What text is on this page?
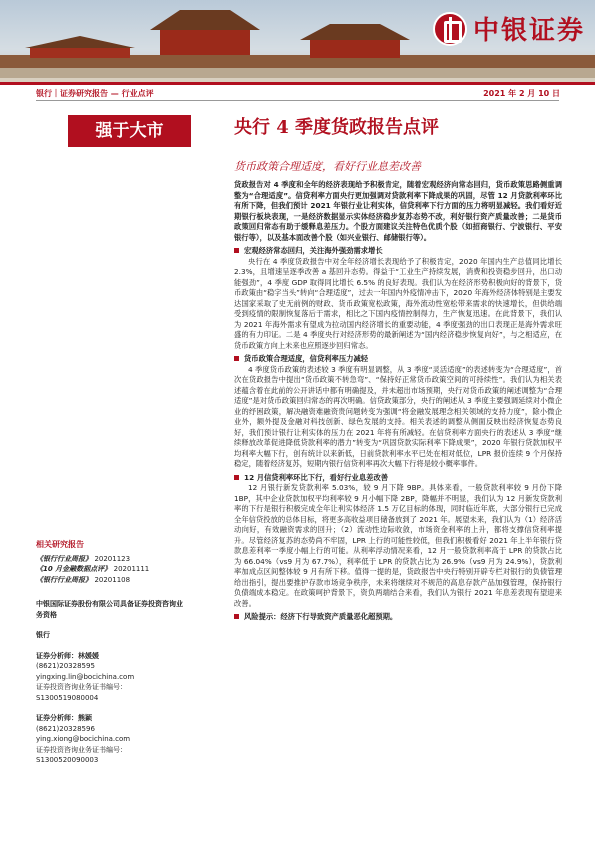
中银证券
银行｜证券研究报告 — 行业点评	2021 年 2 月 10 日
强于大市	央行 4 季度货政报告点评
货币政策合理适度，看好行业息差改善

货政报告对 4 季度和全年的经济表现给予积极肯定，随着宏观经济向常态回归，货币政策思路侧重调整为“合理适度”。信贷利率方面央行更加强调对贷款利率下降成果的巩固，尽管 12 月贷款利率环比有所下降，但我们预计 2021 年银行业让利实体，信贷利率下行方面的压力将明显减轻。我们看好近期银行板块表现，一是经济数据显示实体经济稳步复苏态势不改，利好银行资产质量改善；二是货币政策回归常态有助于缓释息差压力。个股方面建议关注特色优质个股（如招商银行、宁波银行、平安银行等），以及基本面改善个股（如兴业银行、邮储银行等）。

宏观经济常态回归，关注海外强劲需求增长

央行在 4 季度货政报告中对全年经济增长表现给予了积极肯定，2020 年国内生产总值同比增长 2.3%，且增速呈逐季改善 a 基回升态势。得益于“工业生产持续发展，消费和投资稳步回升，出口动能强劲”，4 季度 GDP 取得同比增长 6.5% 的良好表现。我们认为在经济形势积极向好的背景下，货币政策由“稳字当头”转向“合理适度”，过去一年国内外疫情冲击下，2020 年海外经济体特别是主要发达国家采取了史无前例的财政、货币政策宽松政策，海外流动性宽松带来需求的快速增长，但供给端受到疫情的限制恢复落后于需求，相比之下国内疫情控制得力，生产恢复迅速。在此背景下，我们认为 2021 年海外需求有望成为拉动国内经济增长的重要动能，4 季度强劲的出口表现正是海外需求旺盛的有力印证。二是 4 季度央行对经济形势的最新阐述为“国内经济稳步恢复向好”，与之相适应，在货币政策方向上未来也应照逐步回归常态。

货币政策合理适度，信贷利率压力减轻

4 季度货币政策的表述较 3 季度有明显调整，从 3 季度“灵活适度”的表述转变为“合理适度”，首次在货政报告中提出“货币政策不转急弯”、“保持好正常货币政策空间的可持续性”。我们认为相关表述蕴含着在此前的公开讲话中都有明确提及，并未超出市场预期，央行对货币政策的阐述调整为“合理适度”是对货币政策回归常态的再次明确。信贷政策部分，央行的阐述从 3 季度主要强调延续对小微企业的纾困政策，解决融资难融资贵问题转变为强调“将金融发展理念相关领域的支持力度”，除小微企业外，额外提及金融对科技创新、绿色发展的支持。相关表述的调整从侧面反映出经济恢复态势良好，我们预计银行让利实体的压力在 2021 年将有所减轻。在信贷利率方面央行的表述从 3 季度“继续释放改革促进降低贷款利率的潜力”转变为“巩固贷款实际利率下降成果”，2020 年银行贷款加权平均利率大幅下行，创有统计以来新低，日前贷款利率水平已处在相对低位，LPR 报价连续 9 个月保持稳定，随着经济复苏，短期内银行信贷利率再次大幅下行将是较小概率事件。

12 月信贷利率环比下行，看好行业息差改善

12 月银行新发贷款利率 5.03%，较 9 月下降 9BP。具体来看，一般贷款利率较 9 月份下降 1BP，其中企业贷款加权平均利率较 9 月小幅下降 2BP，降幅并不明显，我们认为 12 月新发贷款利率的下行是银行积极完成全年让利实体经济 1.5 万亿目标的体现，同时临近年底，大部分银行已完成全年信贷投放的总体目标，将更多高收益项目储备放到了 2021 年。展望未来，我们认为（1）经济活动向好，有效融资需求的回升；（2）流动性边际收敛，市场资金利率的上升，都将支撑信贷利率提升。尽管经济复苏的态势尚不牢固，LPR 上行的可能性较低，但我们积极看好 2021 年上半年银行贷款息差利率一季度小幅上行的可能。从利率浮动情况来看，12 月一般贷款利率高于 LPR 的贷款占比为 66.04%（vs9 月为 67.7%），利率低于 LPR 的贷款占比为 26.9%（vs9 月为 24.9%），贷款利率加成点区间整体较 9 月有所下移。值得一提的是，货政报告中央行特别开辟专栏对银行的负债管理给出指引，提出要推护存款市场竞争秩序，未来将继续对不规范的高息存款产品加强管理，保持银行负债端成本稳定。在政策呵护背景下，资负两端结合来看，我们认为银行 2021 年息差表现有望迎来改善。

风险提示：经济下行导致资产质量恶化超预期。
相关研究报告
《银行行业周报》 20201123
《10 月金融数据点评》 20201111
《银行行业周报》 20201108
中银国际证券股份有限公司具备证券投资咨询业务资格
银行
证券分析师：林媛媛
(8621)20328595
yingxing.lin@bocichina.com
证券投资咨询业务证书编号：S1300519080004
证券分析师：熊颖
(8621)20328596
ying.xiong@bocichina.com
证券投资咨询业务证书编号：S1300520090003
